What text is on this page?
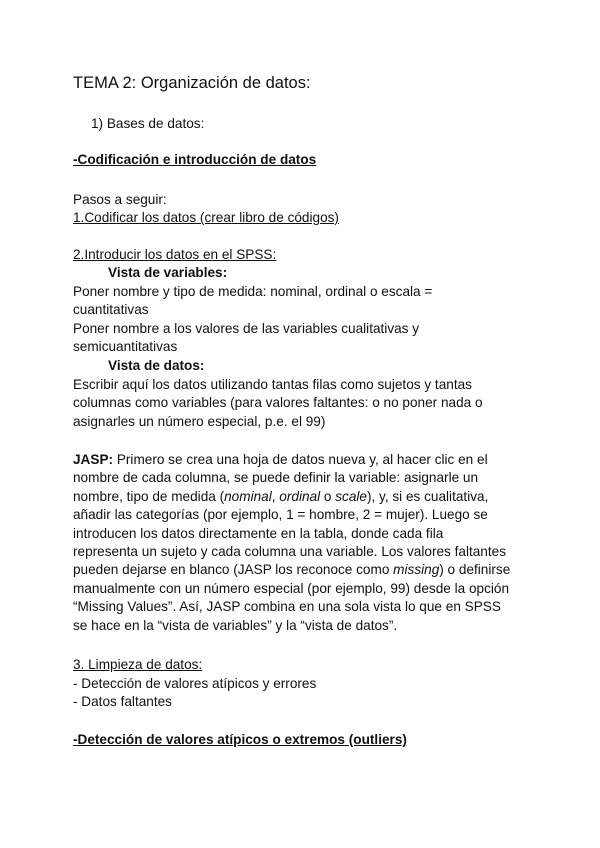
TEMA 2: Organización de datos:
1) Bases de datos:
-Codificación e introducción de datos
Pasos a seguir:
1.Codificar los datos (crear libro de códigos)
2.Introducir los datos en el SPSS:
Vista de variables:
Poner nombre y tipo de medida: nominal, ordinal o escala =
cuantitativas
Poner nombre a los valores de las variables cualitativas y
semicuantitativas
Vista de datos:
Escribir aquí los datos utilizando tantas filas como sujetos y tantas
columnas como variables (para valores faltantes: o no poner nada o
asignarles un número especial, p.e. el 99)
JASP: Primero se crea una hoja de datos nueva y, al hacer clic en el
nombre de cada columna, se puede definir la variable: asignarle un
nombre, tipo de medida (nominal, ordinal o scale), y, si es cualitativa,
añadir las categorías (por ejemplo, 1 = hombre, 2 = mujer). Luego se
introducen los datos directamente en la tabla, donde cada fila
representa un sujeto y cada columna una variable. Los valores faltantes
pueden dejarse en blanco (JASP los reconoce como missing) o definirse
manualmente con un número especial (por ejemplo, 99) desde la opción
“Missing Values”. Así, JASP combina en una sola vista lo que en SPSS
se hace en la “vista de variables” y la “vista de datos”.
3. Limpieza de datos:
- Detección de valores atípicos y errores
- Datos faltantes
-Detección de valores atípicos o extremos (outliers)
